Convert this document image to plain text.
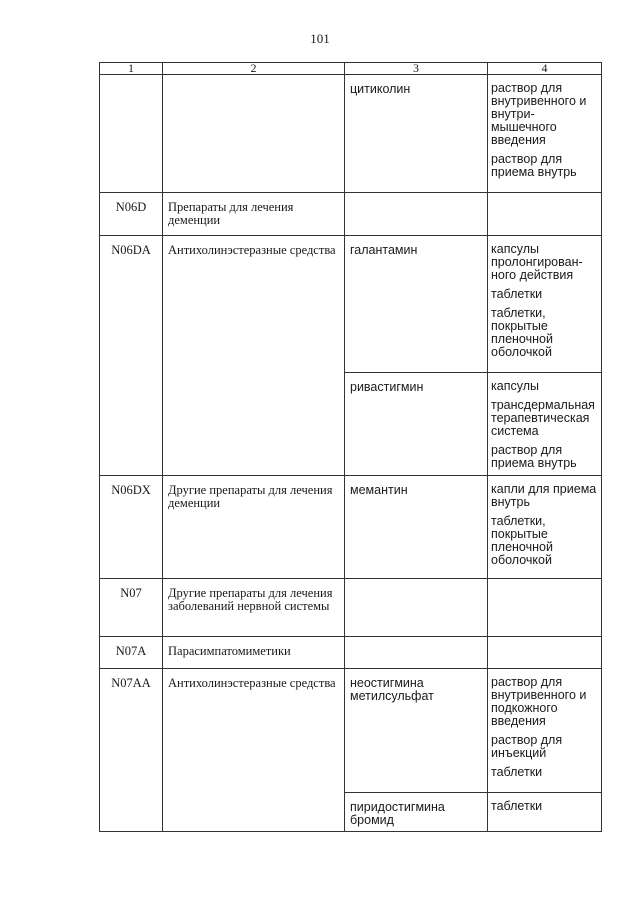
101
1	2	3	4
		цитиколин	раствор для внутривенного и внутри-мышечного введения
раствор для приема внутрь

N06D	Препараты для лечения деменции		
N06DA	Антихолинэстеразные средства	галантамин	капсулы пролонгирован-ного действия
таблетки
таблетки, покрытые пленочной оболочкой

		ривастигмин	капсулы
трансдермальная терапевтическая система
раствор для приема внутрь

N06DX	Другие препараты для лечения деменции	мемантин	капли для приема внутрь
таблетки, покрытые пленочной оболочкой

N07	Другие препараты для лечения заболеваний нервной системы		
N07A	Парасимпатомиметики		
N07AA	Антихолинэстеразные средства	неостигмина метилсульфат	раствор для внутривенного и подкожного введения
раствор для инъекций
таблетки

		пиридостигмина бромид	таблетки
